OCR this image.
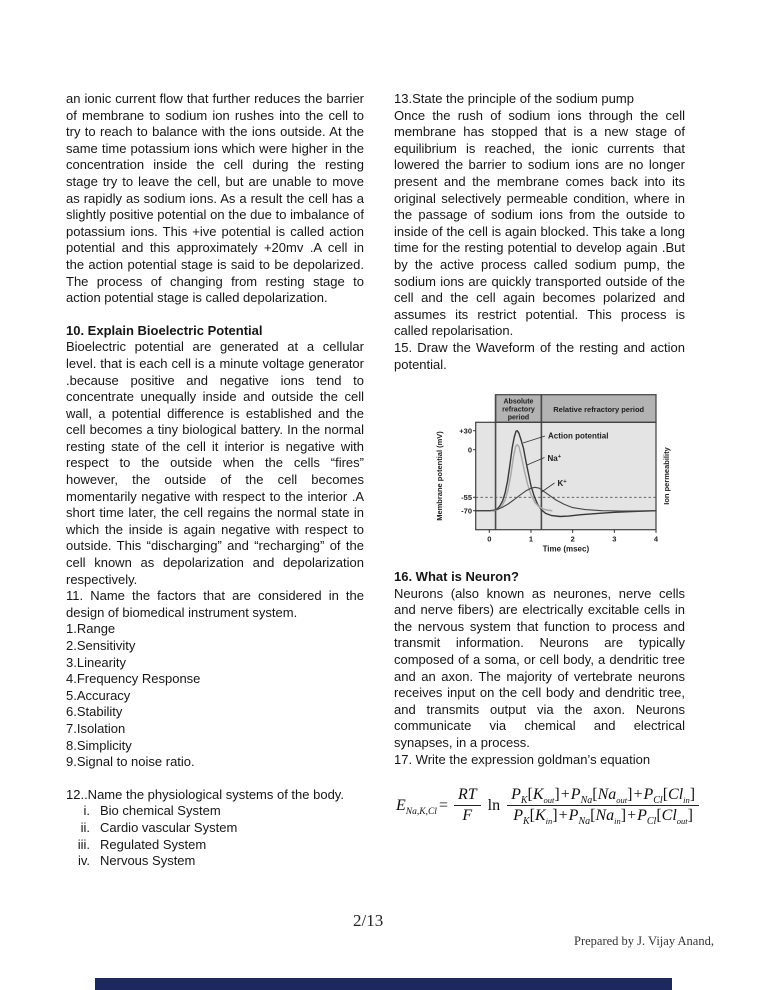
an ionic current flow that further reduces the barrier of membrane to sodium ion rushes into the cell to try to reach to balance with the ions outside. At the same time potassium ions which were higher in the concentration inside the cell during the resting stage try to leave the cell, but are unable to move as rapidly as sodium ions. As a result the cell has a slightly positive potential on the due to imbalance of potassium ions. This +ive potential is called action potential and this approximately +20mv .A cell in the action potential stage is said to be depolarized. The process of changing from resting stage to action potential stage is called depolarization.

10. Explain Bioelectric Potential

Bioelectric potential are generated at a cellular level. that is each cell is a minute voltage generator .because positive and negative ions tend to concentrate unequally inside and outside the cell wall, a potential difference is established and the cell becomes a tiny biological battery. In the normal resting state of the cell it interior is negative with respect to the outside when the cells “fires” however, the outside of the cell becomes momentarily negative with respect to the interior .A short time later, the cell regains the normal state in which the inside is again negative with respect to outside. This “discharging” and “recharging” of the cell known as depolarization and depolarization respectively.

11. Name the factors that are considered in the design of biomedical instrument system.

1.Range
2.Sensitivity
3.Linearity
4.Frequency Response
5.Accuracy
6.Stability
7.Isolation
8.Simplicity
9.Signal to noise ratio.
12..Name the physiological systems of the body.
i. Bio chemical System
ii. Cardio vascular System
iii. Regulated System
iv. Nervous System
13.State the principle of the sodium pump

Once the rush of sodium ions through the cell membrane has stopped that is a new stage of equilibrium is reached, the ionic currents that lowered the barrier to sodium ions are no longer present and the membrane comes back into its original selectively permeable condition, where in the passage of sodium ions from the outside to inside of the cell is again blocked. This take a long time for the resting potential to develop again .But by the active process called sodium pump, the sodium ions are quickly transported outside of the cell and the cell again becomes polarized and assumes its restrict potential. This process is called repolarisation.

15. Draw the Waveform of the resting and action potential.

Absolute
refractory
period
Relative refractory period
+30
0
-55
-70
0	1	2	3	4
Time (msec)
Membrane potential (mV)	Ion permeability
Action potential
Na+
K+
16. What is Neuron?

Neurons (also known as neurones, nerve cells and nerve fibers) are electrically excitable cells in the nervous system that function to process and transmit information. Neurons are typically composed of a soma, or cell body, a dendritic tree and an axon. The majority of vertebrate neurons receives input on the cell body and dendritic tree, and transmits output via the axon. Neurons communicate via chemical and electrical synapses, in a process.

17. Write the expression goldman’s equation

$E_{Na,K,Cl} = \frac{RT}{F}$ $\ln \frac{P_K[K_{out}]+P_{Na}[Na_{out}]+P_{Cl}[Cl_{in}]}{P_K[K_{in}]+P_{Na}[Na_{in}]+P_{Cl}[Cl_{out}]}$
2/13
Prepared by J. Vijay Anand,
